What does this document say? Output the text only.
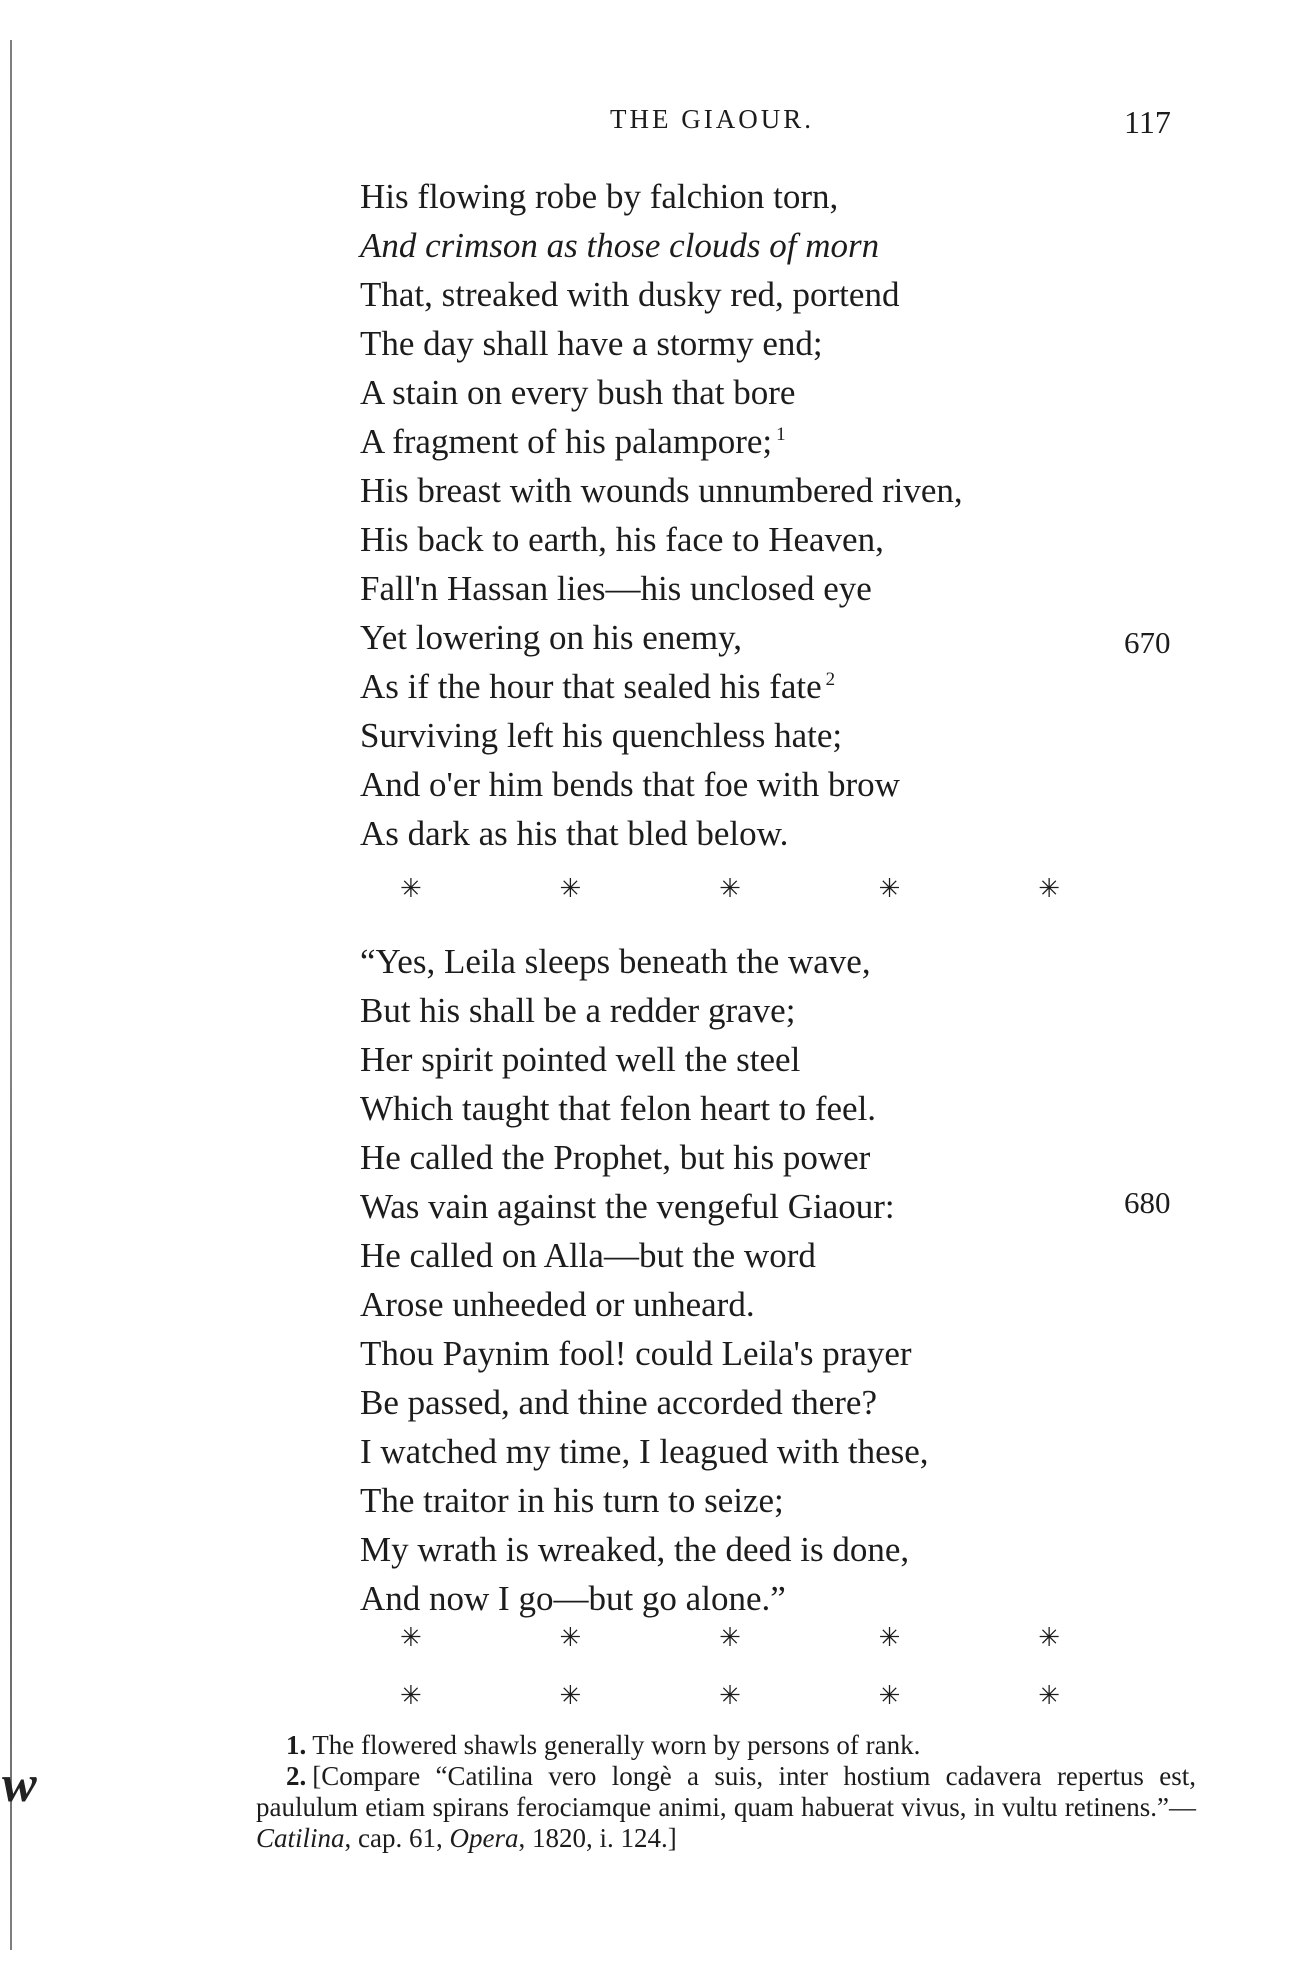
w
THE GIAOUR.	117
His flowing robe by falchion torn,
And crimson as those clouds of morn
That, streaked with dusky red, portend
The day shall have a stormy end;
A stain on every bush that bore
A fragment of his palampore; $^1$
His breast with wounds unnumbered riven,
His back to earth, his face to Heaven,
Fall'n Hassan lies—his unclosed eye
Yet lowering on his enemy,
As if the hour that sealed his fate $^2$
Surviving left his quenchless hate;
And o'er him bends that foe with brow
As dark as his that bled below.
670
✳	✳	✳	✳	✳
“Yes, Leila sleeps beneath the wave,
But his shall be a redder grave;
Her spirit pointed well the steel
Which taught that felon heart to feel.
He called the Prophet, but his power
Was vain against the vengeful Giaour:
He called on Alla—but the word
Arose unheeded or unheard.
Thou Paynim fool! could Leila's prayer
Be passed, and thine accorded there?
I watched my time, I leagued with these,
The traitor in his turn to seize;
My wrath is wreaked, the deed is done,
And now I go—but go alone.”
680
✳	✳	✳	✳	✳
✳	✳	✳	✳	✳

1. The flowered shawls generally worn by persons of rank.

2. [Compare “Catilina vero longè a suis, inter hostium cadavera repertus est, paululum etiam spirans ferociamque animi, quam habuerat vivus, in vultu retinens.”—Catilina, cap. 61, Opera, 1820, i. 124.]
